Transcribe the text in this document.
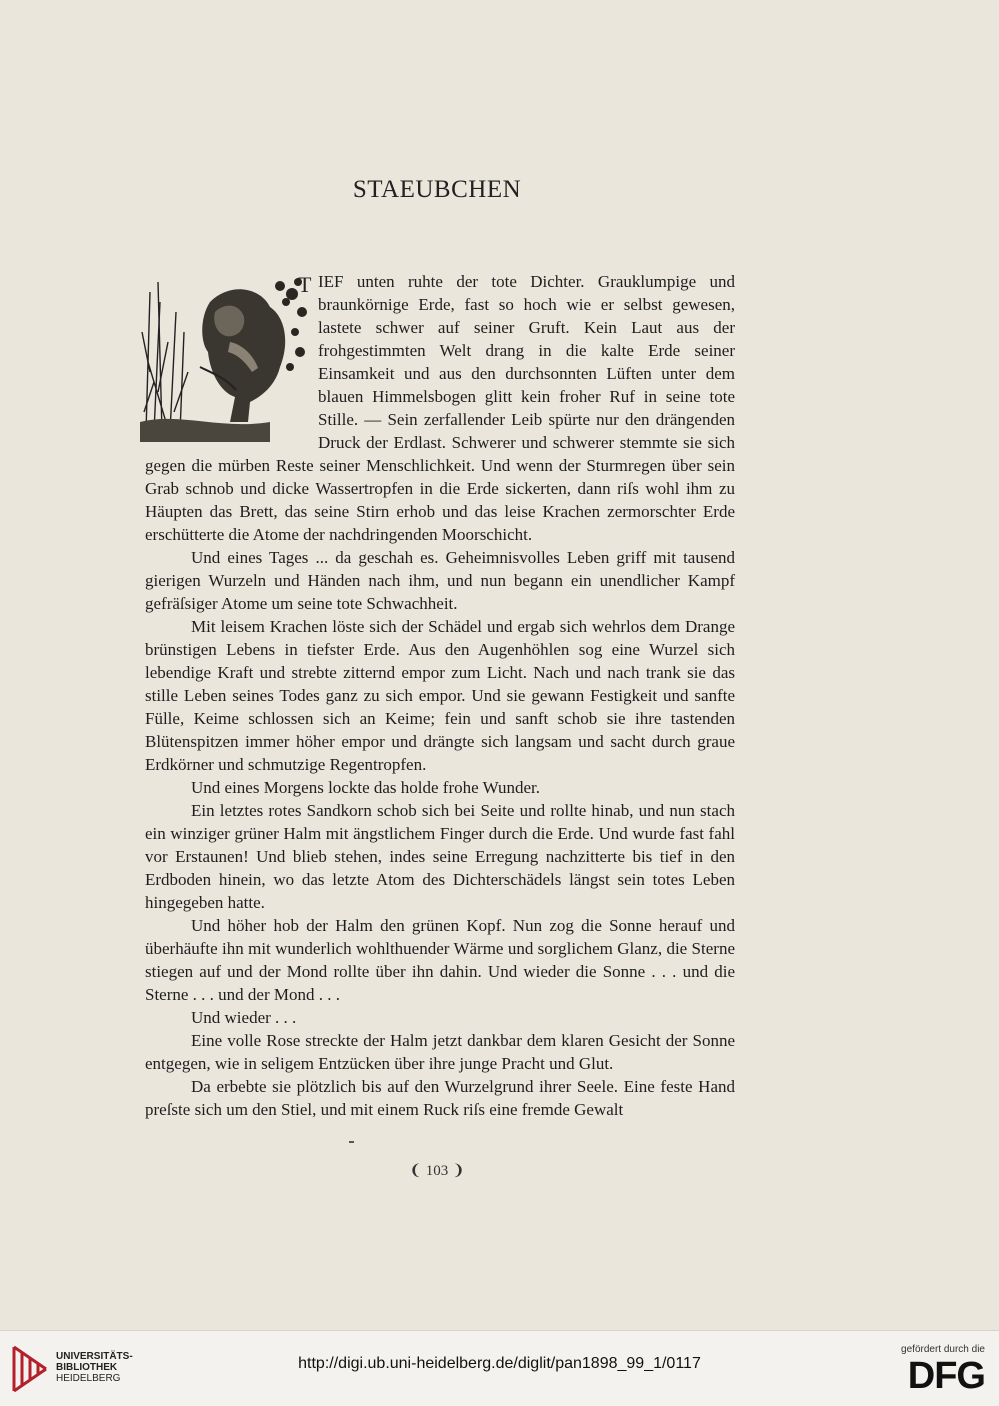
STAEUBCHEN
T IEF unten ruhte der tote Dichter. Grauklumpige und braunkörnige Erde, fast so hoch wie er selbst gewesen, lastete schwer auf seiner Gruft. Kein Laut aus der frohgestimmten Welt drang in die kalte Erde seiner Einsamkeit und aus den durchsonnten Lüften unter dem blauen Himmelsbogen glitt kein froher Ruf in seine tote Stille. — Sein zerfallender Leib spürte nur den drängenden Druck der Erdlast. Schwerer und schwerer stemmte sie sich gegen die mürben Reste seiner Menschlichkeit. Und wenn der Sturmregen über sein Grab schnob und dicke Wassertropfen in die Erde sickerten, dann riſs wohl ihm zu Häupten das Brett, das seine Stirn erhob und das leise Krachen zermorschter Erde erschütterte die Atome der nachdringenden Moorschicht.

Und eines Tages ... da geschah es. Geheimnisvolles Leben griff mit tausend gierigen Wurzeln und Händen nach ihm, und nun begann ein unendlicher Kampf gefräſsiger Atome um seine tote Schwachheit.

Mit leisem Krachen löste sich der Schädel und ergab sich wehrlos dem Drange brünstigen Lebens in tiefster Erde. Aus den Augenhöhlen sog eine Wurzel sich lebendige Kraft und strebte zitternd empor zum Licht. Nach und nach trank sie das stille Leben seines Todes ganz zu sich empor. Und sie gewann Festigkeit und sanfte Fülle, Keime schlossen sich an Keime; fein und sanft schob sie ihre tastenden Blütenspitzen immer höher empor und drängte sich langsam und sacht durch graue Erdkörner und schmutzige Regentropfen.

Und eines Morgens lockte das holde frohe Wunder.

Ein letztes rotes Sandkorn schob sich bei Seite und rollte hinab, und nun stach ein winziger grüner Halm mit ängstlichem Finger durch die Erde. Und wurde fast fahl vor Erstaunen! Und blieb stehen, indes seine Erregung nachzitterte bis tief in den Erdboden hinein, wo das letzte Atom des Dichterschädels längst sein totes Leben hingegeben hatte.

Und höher hob der Halm den grünen Kopf. Nun zog die Sonne herauf und überhäufte ihn mit wunderlich wohlthuender Wärme und sorglichem Glanz, die Sterne stiegen auf und der Mond rollte über ihn dahin. Und wieder die Sonne . . . und die Sterne . . . und der Mond . . .

Und wieder . . .

Eine volle Rose streckte der Halm jetzt dankbar dem klaren Gesicht der Sonne entgegen, wie in seligem Entzücken über ihre junge Pracht und Glut.

Da erbebte sie plötzlich bis auf den Wurzelgrund ihrer Seele. Eine feste Hand preſste sich um den Stiel, und mit einem Ruck riſs eine fremde Gewalt

❨ 103 ❩
UNIVERSITÄTS-
BIBLIOTHEK
HEIDELBERG
http://digi.ub.uni-heidelberg.de/diglit/pan1898_99_1/0117
gefördert durch die
DFG
